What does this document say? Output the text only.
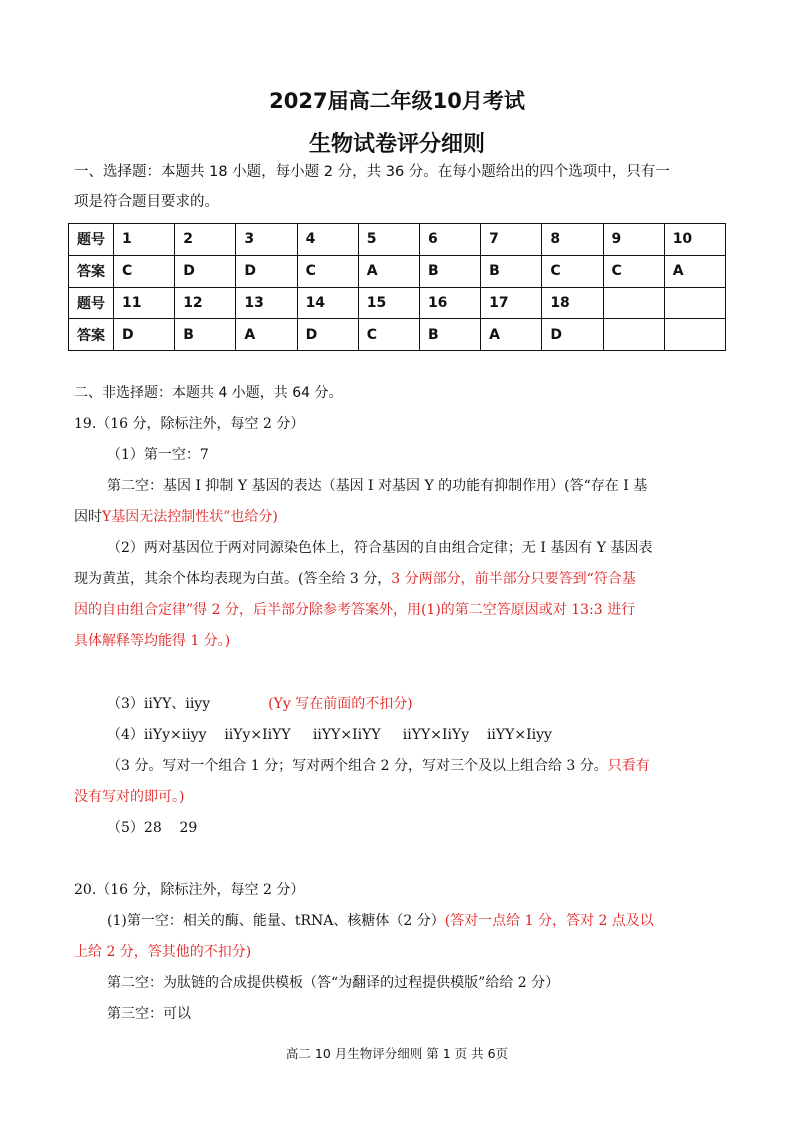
2027届高二年级10月考试
生物试卷评分细则
一、选择题：本题共 18 小题，每小题 2 分，共 36 分。在每小题给出的四个选项中，只有一
项是符合题目要求的。
题号	1	2	3	4	5	6	7	8	9	10
答案	C	D	D	C	A	B	B	C	C	A
题号	11	12	13	14	15	16	17	18		
答案	D	B	A	D	C	B	A	D		
二、非选择题：本题共 4 小题，共 64 分。
19.（16 分，除标注外，每空 2 分）
（1）第一空：7
第二空：基因 I 抑制 Y 基因的表达（基因 I 对基因 Y 的功能有抑制作用）(答“存在 I 基
因时Y基因无法控制性状”也给分)
（2）两对基因位于两对同源染色体上，符合基因的自由组合定律；无 I 基因有 Y 基因表
现为黄茧，其余个体均表现为白茧。(答全给 3 分，3 分两部分，前半部分只要答到“符合基
因的自由组合定律”得 2 分，后半部分除参考答案外，用(1)的第二空答原因或对 13:3 进行
具体解释等均能得 1 分。)
（3）iiYY、iiyy	(Yy 写在前面的不扣分)
（4）iiYy×iiyy    iiYy×IiYY     iiYY×IiYY     iiYY×IiYy    iiYY×Iiyy
（3 分。写对一个组合 1 分；写对两个组合 2 分，写对三个及以上组合给 3 分。只看有
没有写对的即可。)
（5）28    29
20.（16 分，除标注外，每空 2 分）
(1)第一空：相关的酶、能量、tRNA、核糖体（2 分）(答对一点给 1 分，答对 2 点及以
上给 2 分，答其他的不扣分)
第二空：为肽链的合成提供模板（答“为翻译的过程提供模版”给给 2 分）
第三空：可以
高二 10 月生物评分细则 第 1 页 共 6页
